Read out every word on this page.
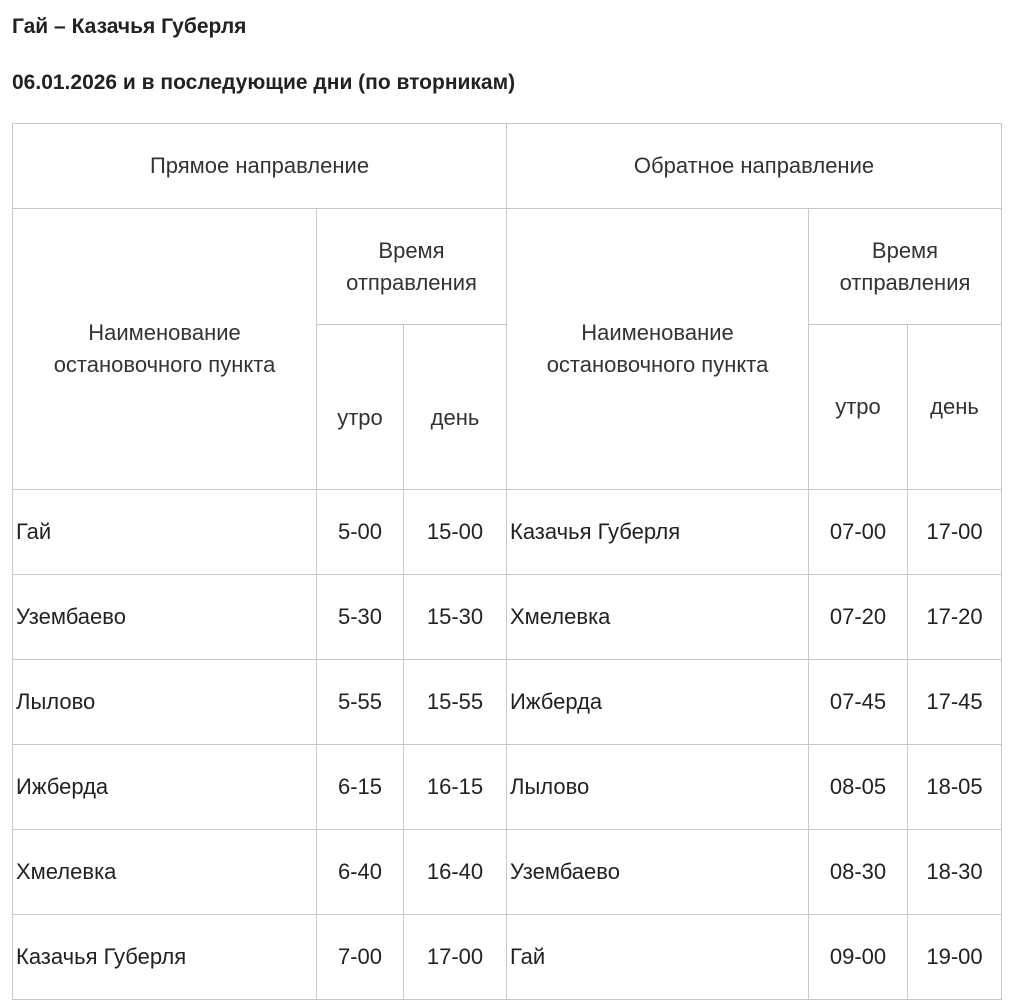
Гай – Казачья Губерля
06.01.2026 и в последующие дни (по вторникам)
Прямое направление			Обратное направление		
Наименование остановочного пункта	Время отправления		Наименование остановочного пункта	Время отправления	
	утро	день		утро	день
Гай	5-00	15-00	Казачья Губерля	07-00	17-00
Узембаево	5-30	15-30	Хмелевка	07-20	17-20
Лылово	5-55	15-55	Ижберда	07-45	17-45
Ижберда	6-15	16-15	Лылово	08-05	18-05
Хмелевка	6-40	16-40	Узембаево	08-30	18-30
Казачья Губерля	7-00	17-00	Гай	09-00	19-00
